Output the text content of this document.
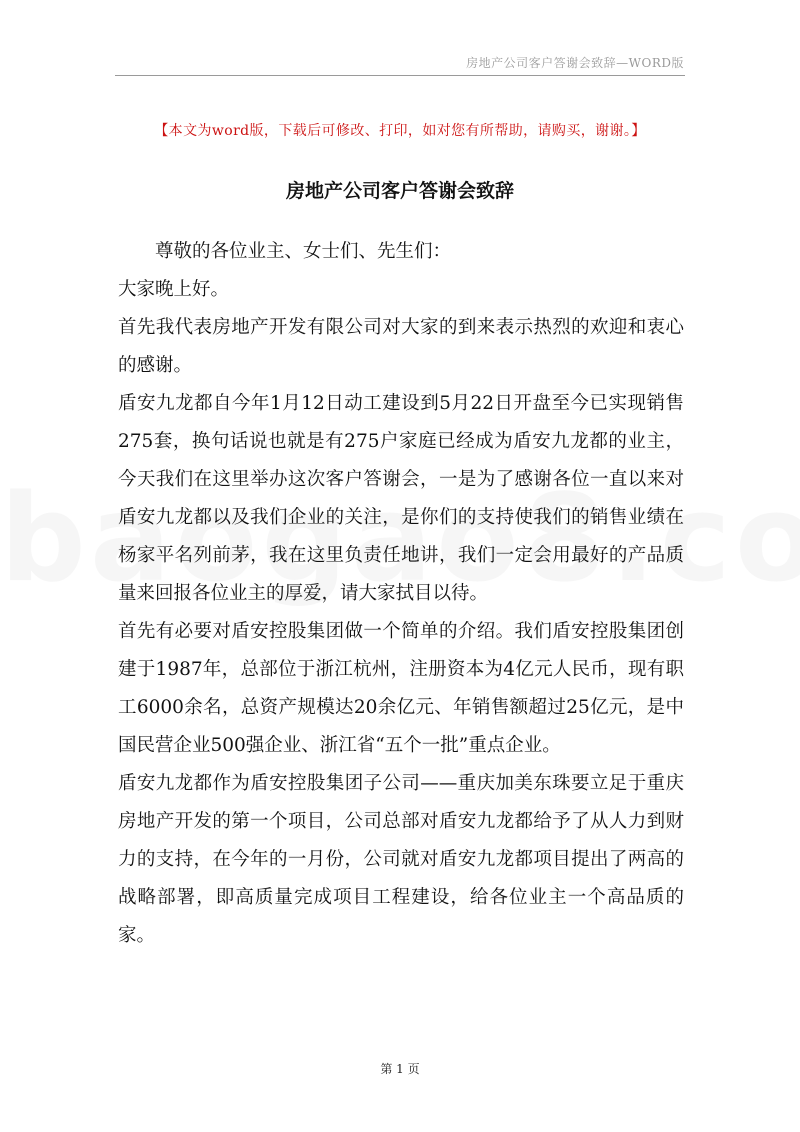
房地产公司客户答谢会致辞—WORD版
【本文为word版，下载后可修改、打印，如对您有所帮助，请购买，谢谢。】
房地产公司客户答谢会致辞

尊敬的各位业主、女士们、先生们：

大家晚上好。

首先我代表房地产开发有限公司对大家的到来表示热烈的欢迎和衷心的感谢。

盾安九龙都自今年1月12日动工建设到5月22日开盘至今已实现销售275套，换句话说也就是有275户家庭已经成为盾安九龙都的业主，今天我们在这里举办这次客户答谢会，一是为了感谢各位一直以来对盾安九龙都以及我们企业的关注，是你们的支持使我们的销售业绩在杨家平名列前茅，我在这里负责任地讲，我们一定会用最好的产品质量来回报各位业主的厚爱，请大家拭目以待。

首先有必要对盾安控股集团做一个简单的介绍。我们盾安控股集团创建于1987年，总部位于浙江杭州，注册资本为4亿元人民币，现有职工6000余名，总资产规模达20余亿元、年销售额超过25亿元，是中国民营企业500强企业、浙江省“五个一批”重点企业。

盾安九龙都作为盾安控股集团子公司——重庆加美东珠要立足于重庆房地产开发的第一个项目，公司总部对盾安九龙都给予了从人力到财力的支持，在今年的一月份，公司就对盾安九龙都项目提出了两高的战略部署，即高质量完成项目工程建设，给各位业主一个高品质的家。

第 1 页
